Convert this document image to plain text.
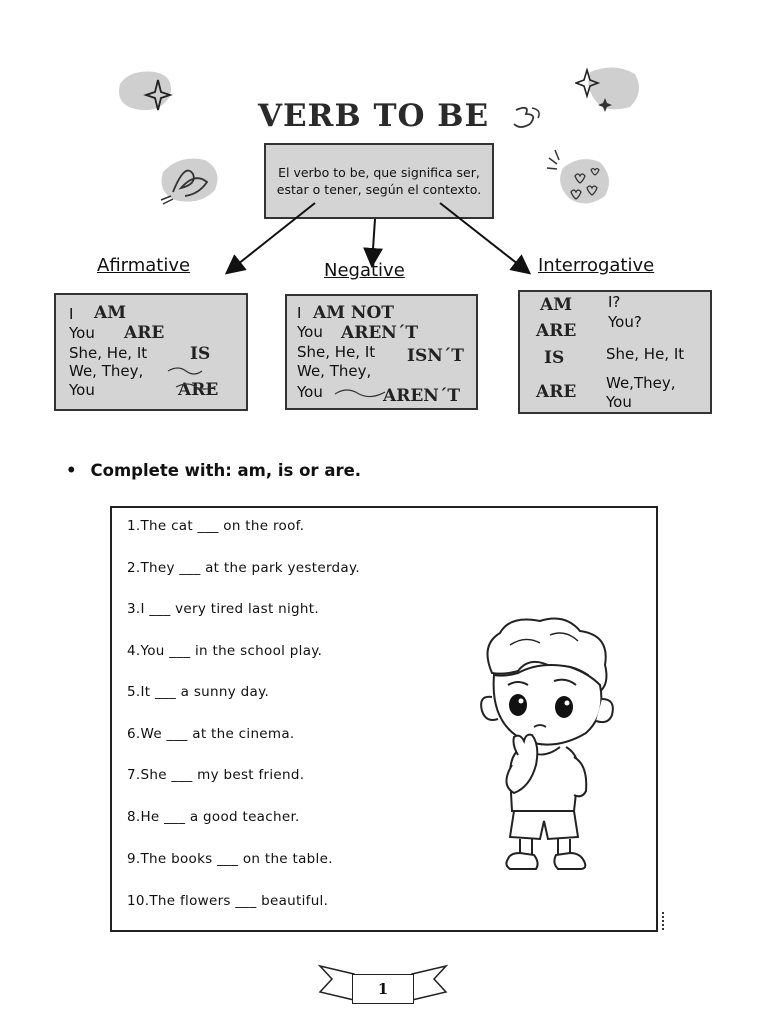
VERB TO BE
El verbo to be, que significa ser, estar o tener, según el contexto.
Afirmative	Negative	Interrogative
I
You
She, He, It
We, They,
You
AM
ARE
IS
ARE
I
You
She, He, It
We, They,
You
AM NOT
AREN´T
ISN´T
AREN´T
AM
ARE
IS
ARE
I?
You?
She, He, It
We,They,
You
• Complete with: am, is or are.
1.The cat ___ on the roof.
2.They ___ at the park yesterday.
3.I ___ very tired last night.
4.You ___ in the school play.
5.It ___ a sunny day.
6.We ___ at the cinema.
7.She ___ my best friend.
8.He ___ a good teacher.
9.The books ___ on the table.
10.The flowers ___ beautiful.
1
